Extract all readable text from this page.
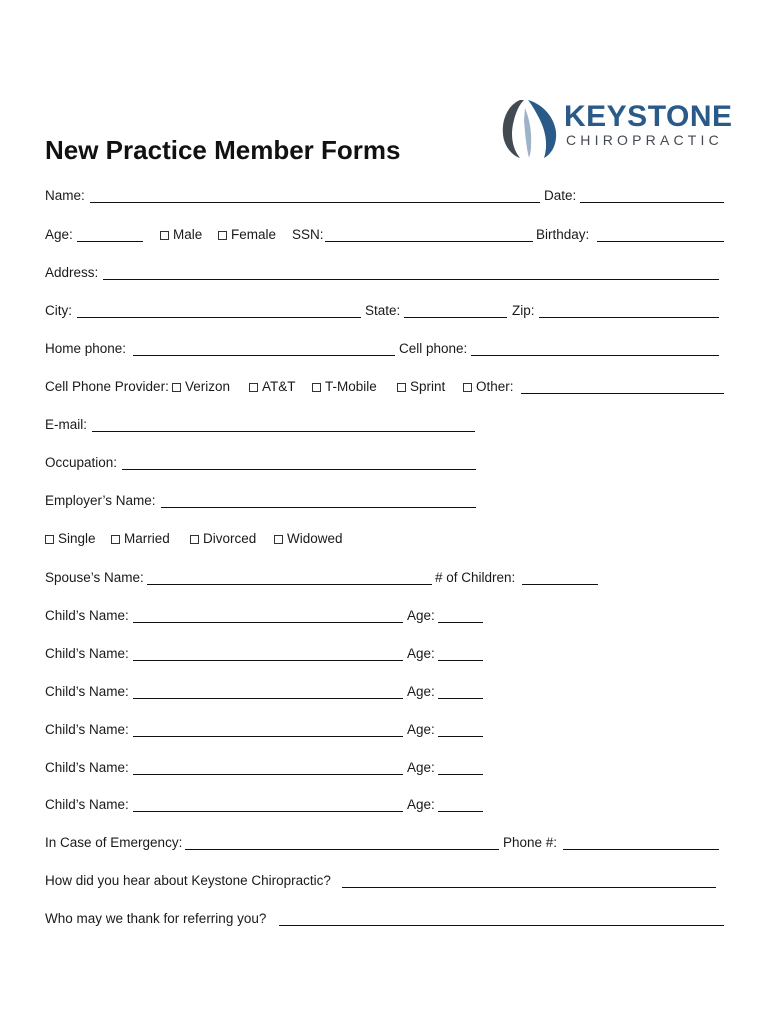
KEYSTONE
CHIROPRACTIC
New Practice Member Forms
Name:	Date:
Age:	Male	Female SSN:	Birthday:
Address:
City:	State:	Zip:
Home phone:	Cell phone:
Cell Phone Provider:	Verizon	AT&T	T-Mobile	Sprint	Other:
E-mail:
Occupation:
Employer’s Name:
Single	Married	Divorced	Widowed
Spouse’s Name:	# of Children:
Child’s Name:	Age:
Child’s Name:	Age:
Child’s Name:	Age:
Child’s Name:	Age:
Child’s Name:	Age:
Child’s Name:	Age:
In Case of Emergency:	Phone #:
How did you hear about Keystone Chiropractic?
Who may we thank for referring you?
